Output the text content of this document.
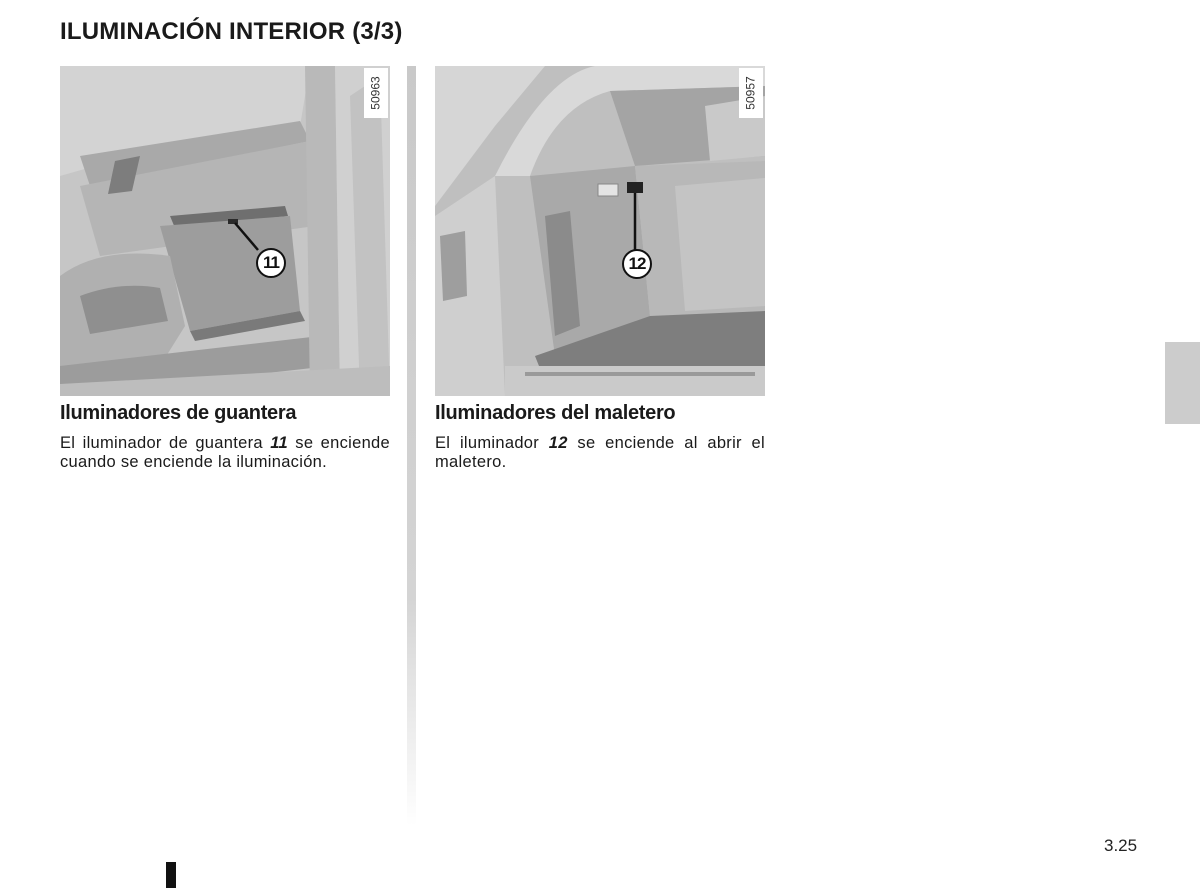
ILUMINACIÓN INTERIOR (3/3)
50963
11
50957
12
Iluminadores de guantera

El iluminador de guantera 11 se enciende cuando se enciende la iluminación.

Iluminadores del maletero

El iluminador 12 se enciende al abrir el maletero.

3.25
